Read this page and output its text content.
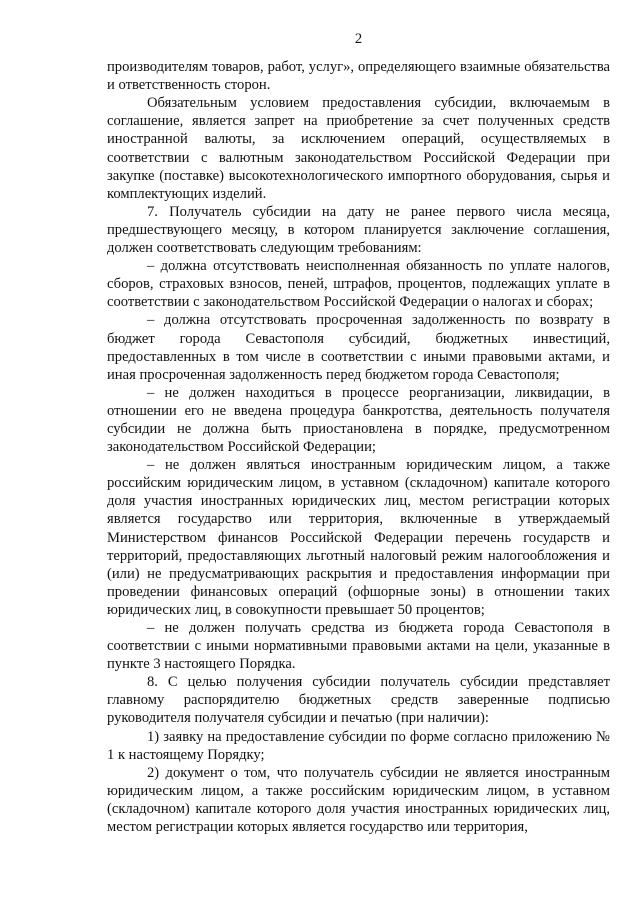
2

производителям товаров, работ, услуг», определяющего взаимные обязательства и ответственность сторон.

Обязательным условием предоставления субсидии, включаемым в соглашение, является запрет на приобретение за счет полученных средств иностранной валюты, за исключением операций, осуществляемых в соответствии с валютным законодательством Российской Федерации при закупке (поставке) высокотехнологического импортного оборудования, сырья и комплектующих изделий.

7. Получатель субсидии на дату не ранее первого числа месяца, предшествующего месяцу, в котором планируется заключение соглашения, должен соответствовать следующим требованиям:

– должна отсутствовать неисполненная обязанность по уплате налогов, сборов, страховых взносов, пеней, штрафов, процентов, подлежащих уплате в соответствии с законодательством Российской Федерации о налогах и сборах;

– должна отсутствовать просроченная задолженность по возврату в бюджет города Севастополя субсидий, бюджетных инвестиций, предоставленных в том числе в соответствии с иными правовыми актами, и иная просроченная задолженность перед бюджетом города Севастополя;

– не должен находиться в процессе реорганизации, ликвидации, в отношении его не введена процедура банкротства, деятельность получателя субсидии не должна быть приостановлена в порядке, предусмотренном законодательством Российской Федерации;

– не должен являться иностранным юридическим лицом, а также российским юридическим лицом, в уставном (складочном) капитале которого доля участия иностранных юридических лиц, местом регистрации которых является государство или территория, включенные в утверждаемый Министерством финансов Российской Федерации перечень государств и территорий, предоставляющих льготный налоговый режим налогообложения и (или) не предусматривающих раскрытия и предоставления информации при проведении финансовых операций (офшорные зоны) в отношении таких юридических лиц, в совокупности превышает 50 процентов;

– не должен получать средства из бюджета города Севастополя в соответствии с иными нормативными правовыми актами на цели, указанные в пункте 3 настоящего Порядка.

8. С целью получения субсидии получатель субсидии представляет главному распорядителю бюджетных средств заверенные подписью руководителя получателя субсидии и печатью (при наличии):

1) заявку на предоставление субсидии по форме согласно приложению № 1 к настоящему Порядку;

2) документ о том, что получатель субсидии не является иностранным юридическим лицом, а также российским юридическим лицом, в уставном (складочном) капитале которого доля участия иностранных юридических лиц, местом регистрации которых является государство или территория,
